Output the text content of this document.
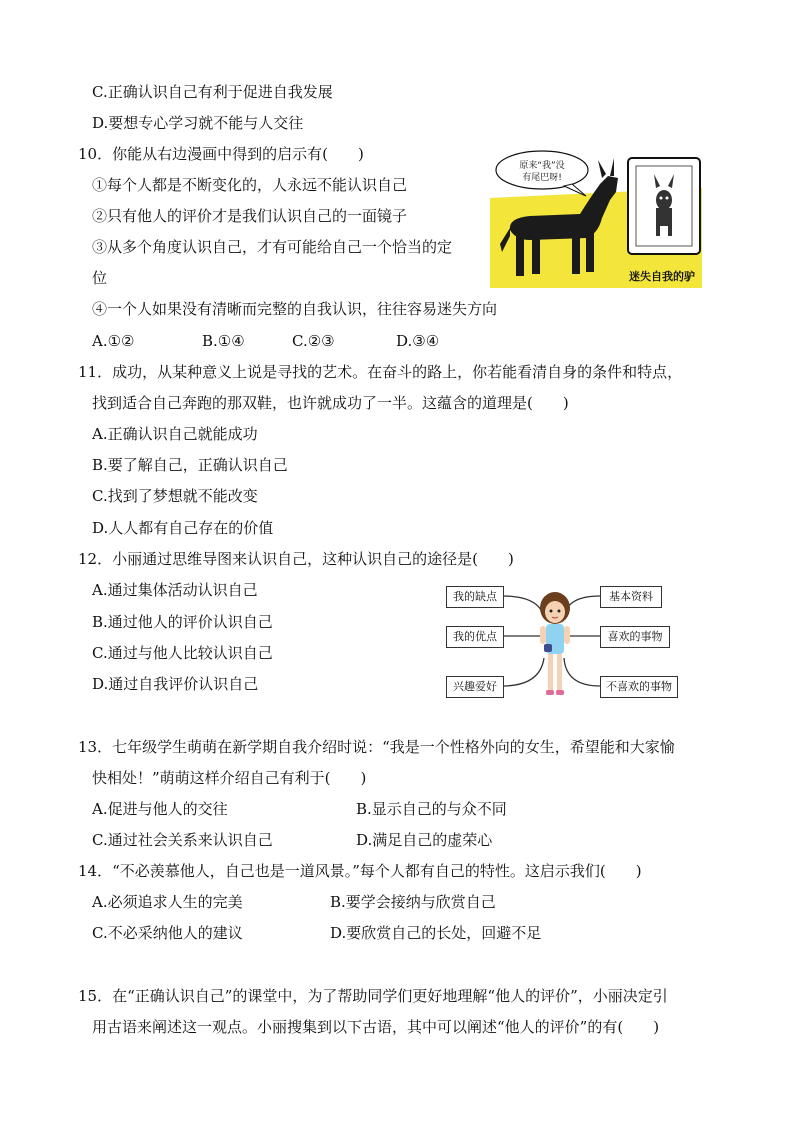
C.正确认识自己有利于促进自我发展
D.要想专心学习就不能与人交往
10．你能从右边漫画中得到的启示有(　　)
①每个人都是不断变化的，人永远不能认识自己
②只有他人的评价才是我们认识自己的一面镜子
③从多个角度认识自己，才有可能给自己一个恰当的定
位
④一个人如果没有清晰而完整的自我认识，往往容易迷失方向
A.①②	B.①④	C.②③	D.③④
原来“我”没
有尾巴呀!
迷失自我的驴
11．成功，从某种意义上说是寻找的艺术。在奋斗的路上，你若能看清自身的条件和特点，
找到适合自己奔跑的那双鞋，也许就成功了一半。这蕴含的道理是(　　)
A.正确认识自己就能成功
B.要了解自己，正确认识自己
C.找到了梦想就不能改变
D.人人都有自己存在的价值
12．小丽通过思维导图来认识自己，这种认识自己的途径是(　　)
A.通过集体活动认识自己
B.通过他人的评价认识自己
C.通过与他人比较认识自己
D.通过自我评价认识自己
我的缺点
我的优点
兴趣爱好
基本资料
喜欢的事物
不喜欢的事物
13．七年级学生萌萌在新学期自我介绍时说：“我是一个性格外向的女生，希望能和大家愉
快相处！”萌萌这样介绍自己有利于(　　)
A.促进与他人的交往	B.显示自己的与众不同
C.通过社会关系来认识自己	D.满足自己的虚荣心
14．“不必羡慕他人，自己也是一道风景。”每个人都有自己的特性。这启示我们(　　)
A.必须追求人生的完美	B.要学会接纳与欣赏自己
C.不必采纳他人的建议	D.要欣赏自己的长处，回避不足
15．在“正确认识自己”的课堂中，为了帮助同学们更好地理解“他人的评价”，小丽决定引
用古语来阐述这一观点。小丽搜集到以下古语，其中可以阐述“他人的评价”的有(　　)
